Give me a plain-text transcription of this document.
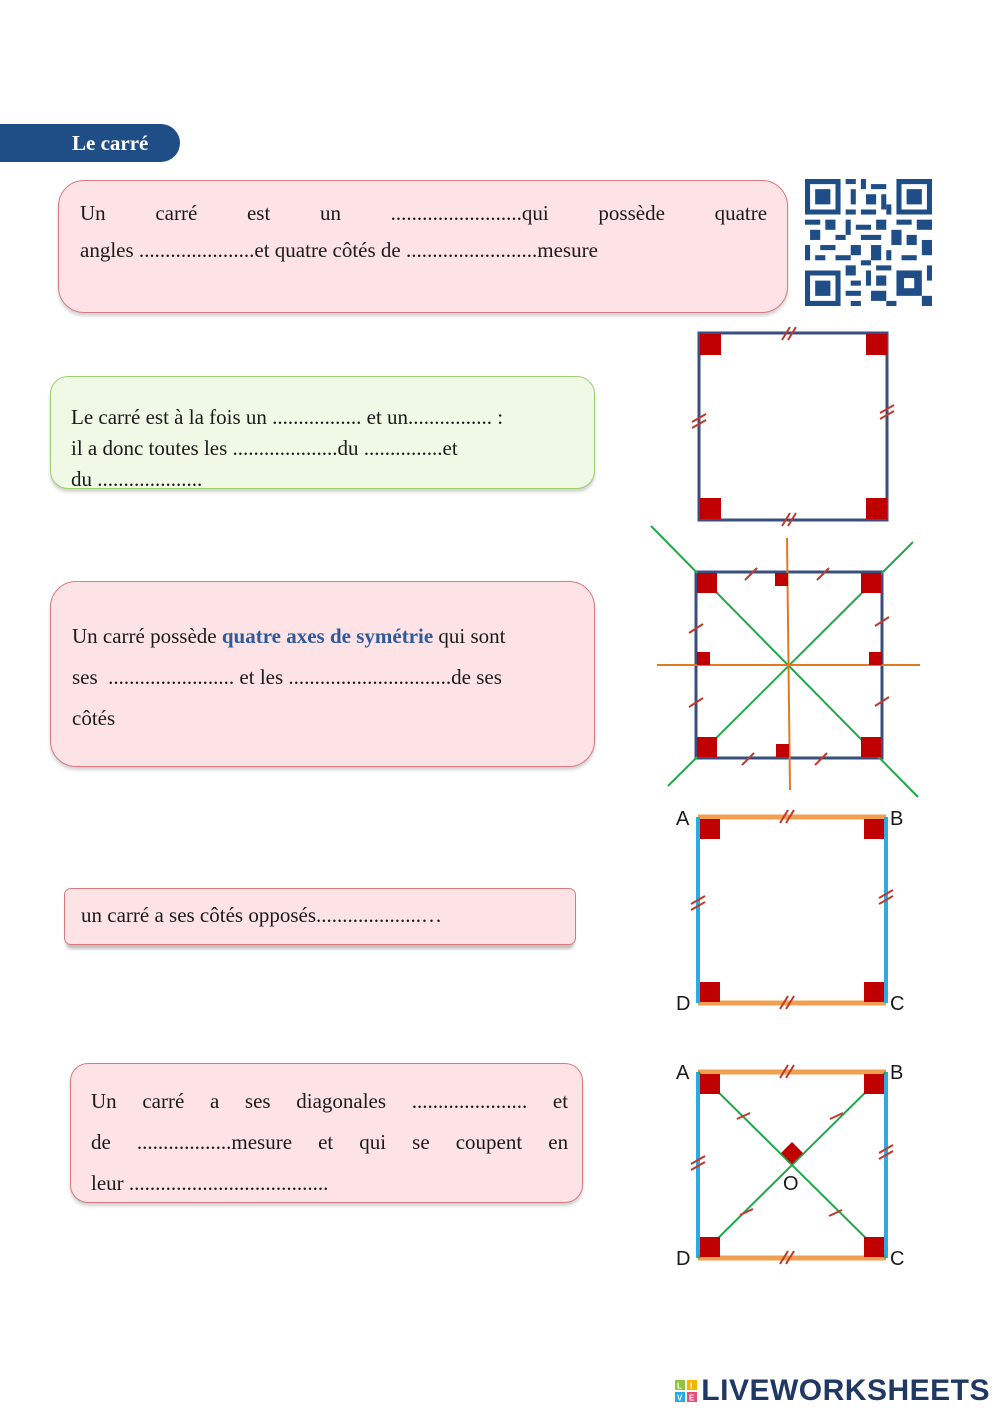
Le carré
Un carré est un .........................qui possède quatre
angles ......................et quatre côtés de .........................mesure
Le carré est à la fois un ................. et un................ :
il a donc toutes les ....................du ...............et
du ....................
Un carré possède quatre axes de symétrie qui sont
ses  ........................ et les ...............................de ses
côtés
un carré a ses côtés opposés....................…
Un carré a ses diagonales ...................... et
de ..................mesure et qui se coupent en
leur ......................................
A	B
C
D
A	B
C
D
O
L I
V E LIVEWORKSHEETS
